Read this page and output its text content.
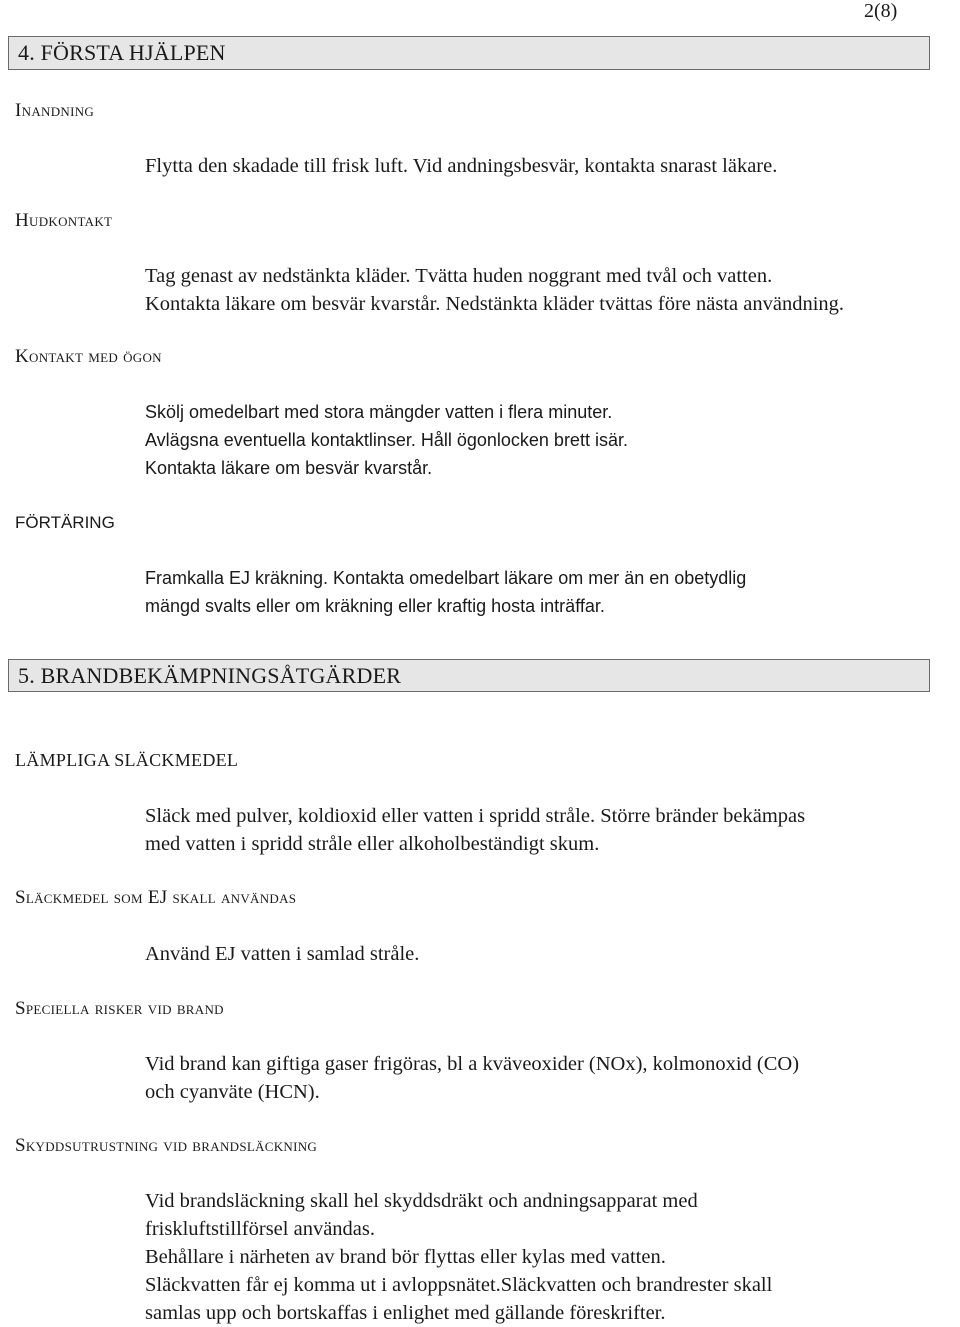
2(8)
4. FÖRSTA HJÄLPEN
Inandning
Flytta den skadade till frisk luft. Vid andningsbesvär, kontakta snarast läkare.
Hudkontakt
Tag genast av nedstänkta kläder. Tvätta huden noggrant med tvål och vatten.
Kontakta läkare om besvär kvarstår. Nedstänkta kläder tvättas före nästa användning.
Kontakt med ögon
Skölj omedelbart med stora mängder vatten i flera minuter.
Avlägsna eventuella kontaktlinser. Håll ögonlocken brett isär.
Kontakta läkare om besvär kvarstår.
FÖRTÄRING
Framkalla EJ kräkning. Kontakta omedelbart läkare om mer än en obetydlig
mängd svalts eller om kräkning eller kraftig hosta inträffar.
5. BRANDBEKÄMPNINGSÅTGÄRDER
LÄMPLIGA SLÄCKMEDEL
Släck med pulver, koldioxid eller vatten i spridd stråle. Större bränder bekämpas
med vatten i spridd stråle eller alkoholbeständigt skum.
Släckmedel som EJ skall användas
Använd EJ vatten i samlad stråle.
Speciella risker vid brand
Vid brand kan giftiga gaser frigöras, bl a kväveoxider (NOx), kolmonoxid (CO)
och cyanväte (HCN).
Skyddsutrustning vid brandsläckning
Vid brandsläckning skall hel skyddsdräkt och andningsapparat med
friskluftstillförsel användas.
Behållare i närheten av brand bör flyttas eller kylas med vatten.
Släckvatten får ej komma ut i avloppsnätet.Släckvatten och brandrester skall
samlas upp och bortskaffas i enlighet med gällande föreskrifter.
